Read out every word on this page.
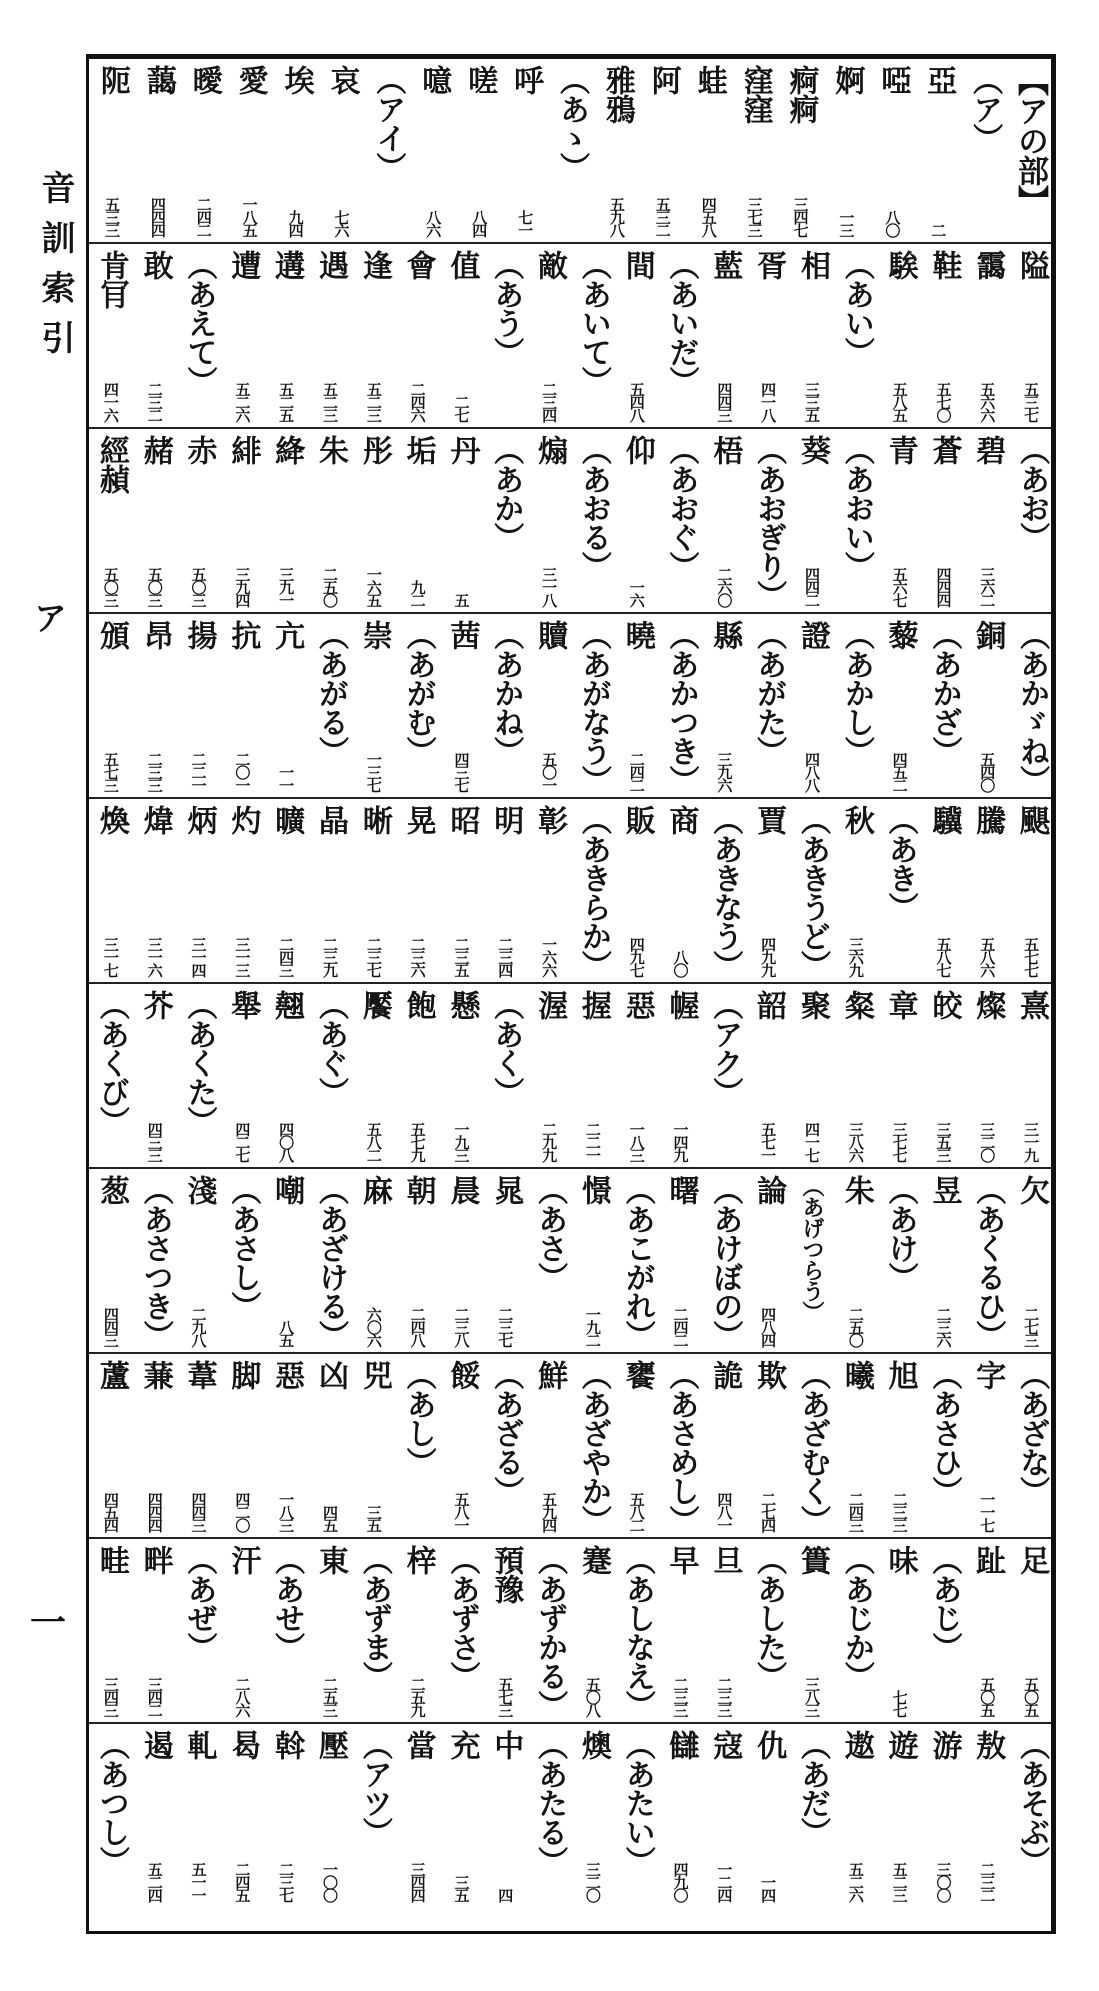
音訓索引
ア
一
【アの部】
（ア）
亞
二
啞
八〇
婀
一三
痾痾
三四七
窪窪
三七三
蛙
四五八
阿
五三二
雅鴉
五九八
（あゝ）
呼
七一
嗟
八四
噫
八六
（アイ）
哀
七六
埃
九四
愛
一八五
曖
二四二
藹
四四四
阨
五三三
隘
五三七
靄
五六六
鞋
五七〇
騃
五八五
（あい）
相
三三五
胥
四一八
藍
四四三
（あいだ）
間
五四八
（あいて）
敵
二三四
（あう）
值
二七
會
二四六
逢
五二三
遇
五二三
遘
五二五
遭
五二六
（あえて）
敢
二三二
肯肎
四一六
（あお）
碧
三六二
蒼
四四四
青
五六七
（あおい）
葵
四四二
（あおぎり）
梧
二六〇
（あおぐ）
仰
一六
（あおる）
煽
三一八
（あか）
丹
五
垢
九二
彤
一六五
朱
二五〇
絳
三九一
緋
三九四
赤
五〇三
赭
五〇三
經赬
五〇三
（あかゞね）
銅
五四〇
（あかざ）
藜
四五二
（あかし）
證
四八八
（あがた）
縣
三九六
（あかつき）
曉
二四二
（あがなう）
贖
五〇一
（あかね）
茜
四三七
（あがむ）
崇
一三七
（あがる）
亢
一一
抗
二〇一
揚
二二一
昂
二三三
頒
五七三
颶
五七七
騰
五八六
驥
五八七
（あき）
秋
三六九
（あきうど）
賈
四九九
（あきなう）
商
八〇
販
四九七
（あきらか）
彰
一六六
明
二三四
昭
二三五
晃
二三六
晰
二三七
晶
二三九
曠
二四三
灼
三一三
炳
三一四
煒
三一六
煥
三一七
熹
三一九
燦
三二〇
皎
三五三
章
三七七
粲
三八六
聚
四一七
韶
五七一
（アク）
幄
一四九
惡
一八三
握
二二一
渥
二九九
（あく）
懸
一九三
飽
五七九
饜
五八二
（あぐ）
翹
四〇八
舉
四二七
（あくた）
芥
四三三
（あくび）
欠
二七三
（あくるひ）
昱
二三六
（あけ）
朱
二五〇
（あげつらう）
論
四八四
（あけぼの）
曙
二四二
（あこがれ）
憬
一九二
（あさ）
晁
二三七
晨
二三八
朝
二四八
麻
六〇六
（あざける）
嘲
八五
（あさし）
淺
二九八
（あさつき）
葱
四四三
（あざな）
字
一一七
（あさひ）
旭
二三三
曦
二四三
（あざむく）
欺
二七四
詭
四八一
（あさめし）
饔
五八二
（あざやか）
鮮
五九四
（あざる）
餒
五八一
（あし）
兕
三五
凶
四五
惡
一八三
脚
四二〇
葦
四四三
蒹
四四四
蘆
四五四
足
五〇五
趾
五〇五
（あじ）
味
七七
（あじか）
簣
三八三
（あした）
旦
二三三
早
二三三
（あしなえ）
蹇
五〇八
（あずかる）
預豫
五七三
（あずさ）
梓
二五九
（あずま）
東
二五三
（あせ）
汗
二八六
（あぜ）
畔
三四二
畦
三四三
（あそぶ）
敖
二三二
游
三〇〇
遊
五二三
遨
五二六
（あだ）
仇
一四
寇
一二四
讎
四九〇
（あたい）
燠
三二〇
（あたる）
中
四
充
三五
當
三四四
（アツ）
壓
一〇〇
斡
二三七
曷
二四五
軋
五一一
遏
五二四
（あつし）
